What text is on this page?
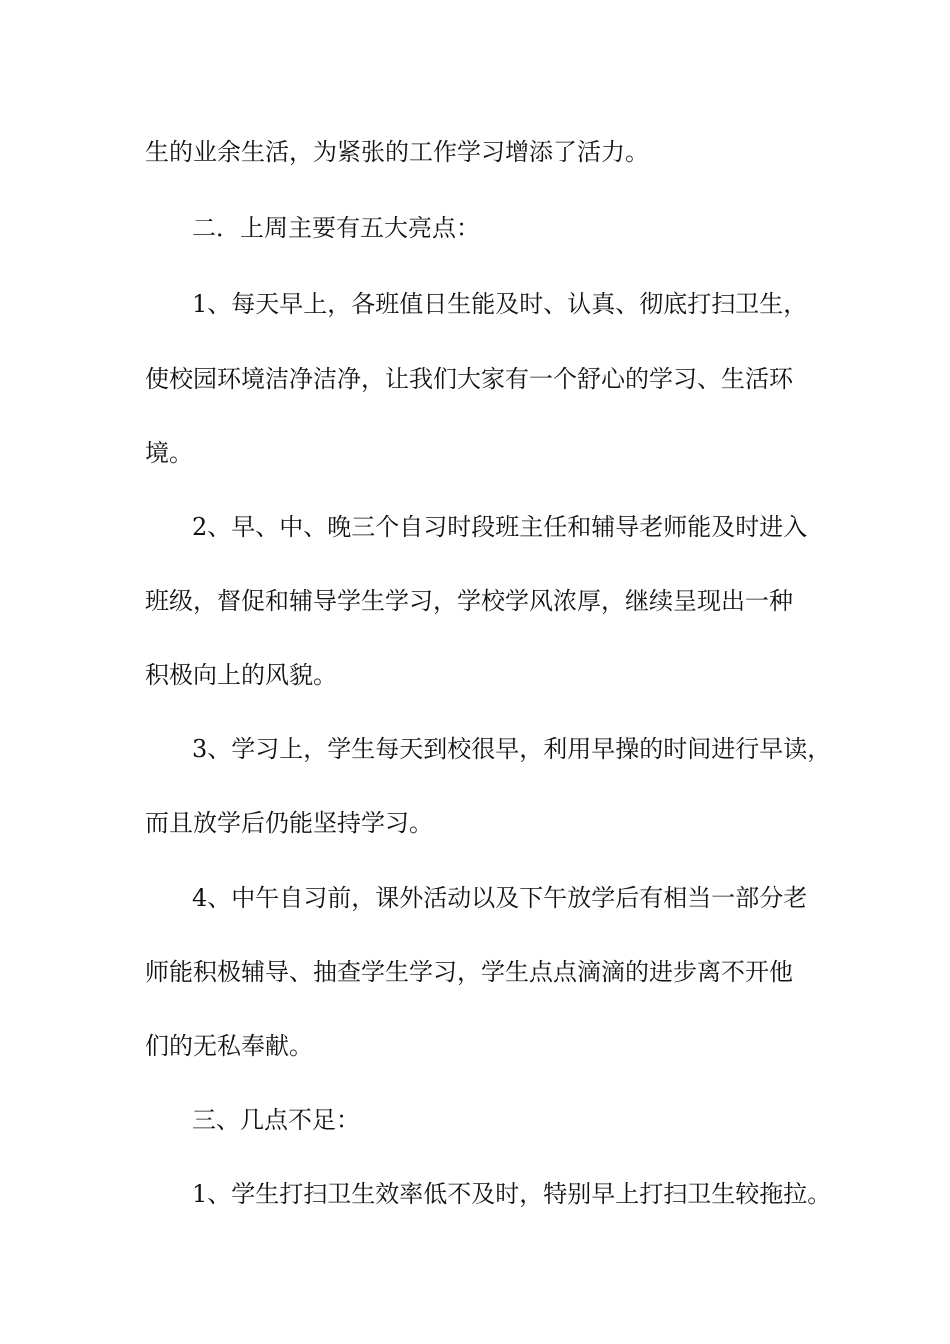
生的业余生活，为紧张的工作学习增添了活力。
二．上周主要有五大亮点：
1、每天早上，各班值日生能及时、认真、彻底打扫卫生，
使校园环境洁净洁净，让我们大家有一个舒心的学习、生活环
境。
2、早、中、晚三个自习时段班主任和辅导老师能及时进入
班级，督促和辅导学生学习，学校学风浓厚，继续呈现出一种
积极向上的风貌。
3、学习上，学生每天到校很早，利用早操的时间进行早读，
而且放学后仍能坚持学习。
4、中午自习前，课外活动以及下午放学后有相当一部分老
师能积极辅导、抽查学生学习，学生点点滴滴的进步离不开他
们的无私奉献。
三、几点不足：
1、学生打扫卫生效率低不及时，特别早上打扫卫生较拖拉。
